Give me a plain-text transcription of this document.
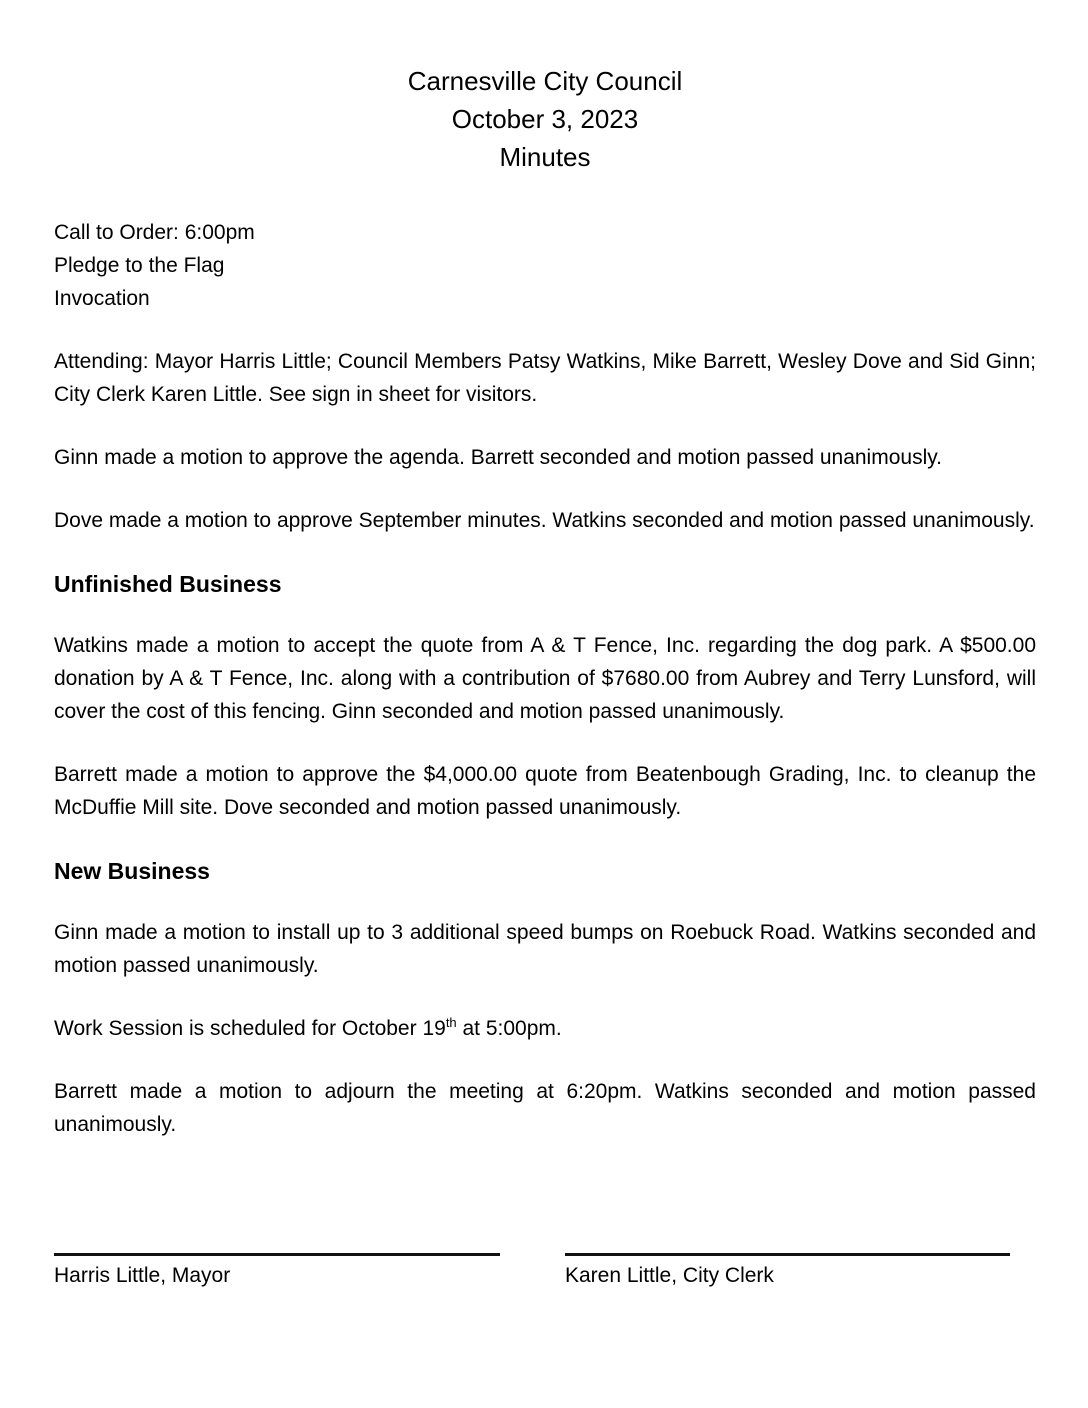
Carnesville City Council
October 3, 2023
Minutes
Call to Order: 6:00pm
Pledge to the Flag
Invocation

Attending: Mayor Harris Little; Council Members Patsy Watkins, Mike Barrett, Wesley Dove and Sid Ginn; City Clerk Karen Little. See sign in sheet for visitors.

Ginn made a motion to approve the agenda. Barrett seconded and motion passed unanimously.

Dove made a motion to approve September minutes. Watkins seconded and motion passed unanimously.

Unfinished Business

Watkins made a motion to accept the quote from A & T Fence, Inc. regarding the dog park. A $500.00 donation by A & T Fence, Inc. along with a contribution of $7680.00 from Aubrey and Terry Lunsford, will cover the cost of this fencing. Ginn seconded and motion passed unanimously.

Barrett made a motion to approve the $4,000.00 quote from Beatenbough Grading, Inc. to cleanup the McDuffie Mill site. Dove seconded and motion passed unanimously.

New Business

Ginn made a motion to install up to 3 additional speed bumps on Roebuck Road. Watkins seconded and motion passed unanimously.

Work Session is scheduled for October 19th at 5:00pm.

Barrett made a motion to adjourn the meeting at 6:20pm. Watkins seconded and motion passed unanimously.

Harris Little, Mayor	Karen Little, City Clerk
